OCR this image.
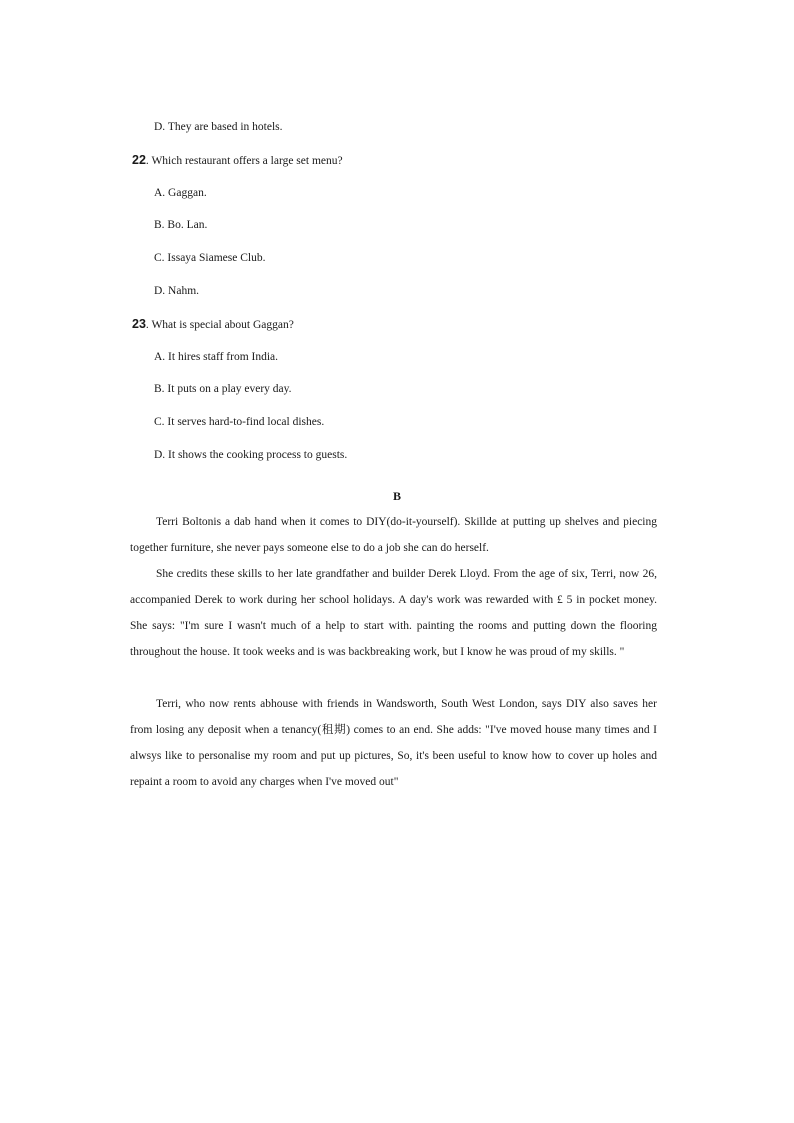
D. They are based in hotels.
22. Which restaurant offers a large set menu?
A. Gaggan.
B. Bo. Lan.
C. Issaya Siamese Club.
D. Nahm.
23. What is special about Gaggan?
A. It hires staff from India.
B. It puts on a play every day.
C. It serves hard-to-find local dishes.
D. It shows the cooking process to guests.
B

Terri Boltonis a dab hand when it comes to DIY(do-it-yourself). Skillde at putting up shelves and piecing together furniture, she never pays someone else to do a job she can do herself.

She credits these skills to her late grandfather and builder Derek Lloyd. From the age of six, Terri, now 26, accompanied Derek to work during her school holidays. A day's work was rewarded with £ 5 in pocket money. She says: "I'm sure I wasn't much of a help to start with. painting the rooms and putting down the flooring throughout the house. It took weeks and is was backbreaking work, but I know he was proud of my skills. "

Terri, who now rents abhouse with friends in Wandsworth, South West London, says DIY also saves her from losing any deposit when a tenancy(租期) comes to an end. She adds: "I've moved house many times and I alwsys like to personalise my room and put up pictures, So, it's been useful to know how to cover up holes and repaint a room to avoid any charges when I've moved out"
